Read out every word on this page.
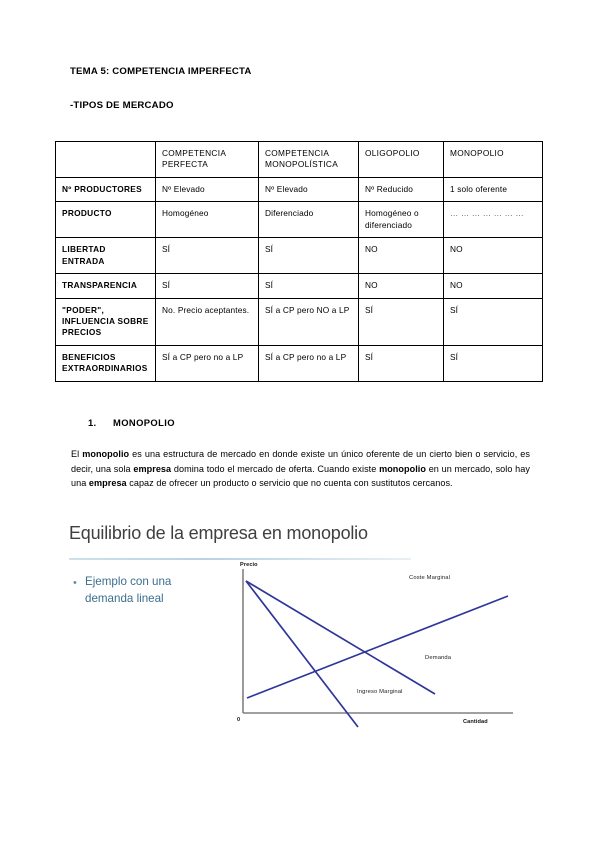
TEMA 5: COMPETENCIA IMPERFECTA
-TIPOS DE MERCADO
	COMPETENCIA PERFECTA	COMPETENCIA MONOPOLÍSTICA	OLIGOPOLIO	MONOPOLIO
Nº PRODUCTORES	Nº Elevado	Nº Elevado	Nº Reducido	1 solo oferente
PRODUCTO	Homogéneo	Diferenciado	Homogéneo o diferenciado	… … … … … … …
LIBERTAD ENTRADA	SÍ	SÍ	NO	NO
TRANSPARENCIA	SÍ	SÍ	NO	NO
"PODER", INFLUENCIA SOBRE PRECIOS	No. Precio aceptantes.	SÍ a CP pero NO a LP	SÍ	SÍ
BENEFICIOS EXTRAORDINARIOS	SÍ a CP pero no a LP	SÍ a CP pero no a LP	SÍ	SÍ
1. MONOPOLIO
El monopolio es una estructura de mercado en donde existe un único oferente de un cierto bien o servicio, es decir, una sola empresa domina todo el mercado de oferta. Cuando existe monopolio en un mercado, solo hay una empresa capaz de ofrecer un producto o servicio que no cuenta con sustitutos cercanos.
Equilibrio de la empresa en monopolio
• Ejemplo con una demanda lineal
Precio
Cantidad
0
Coste Marginal
Demanda
Ingreso Marginal
